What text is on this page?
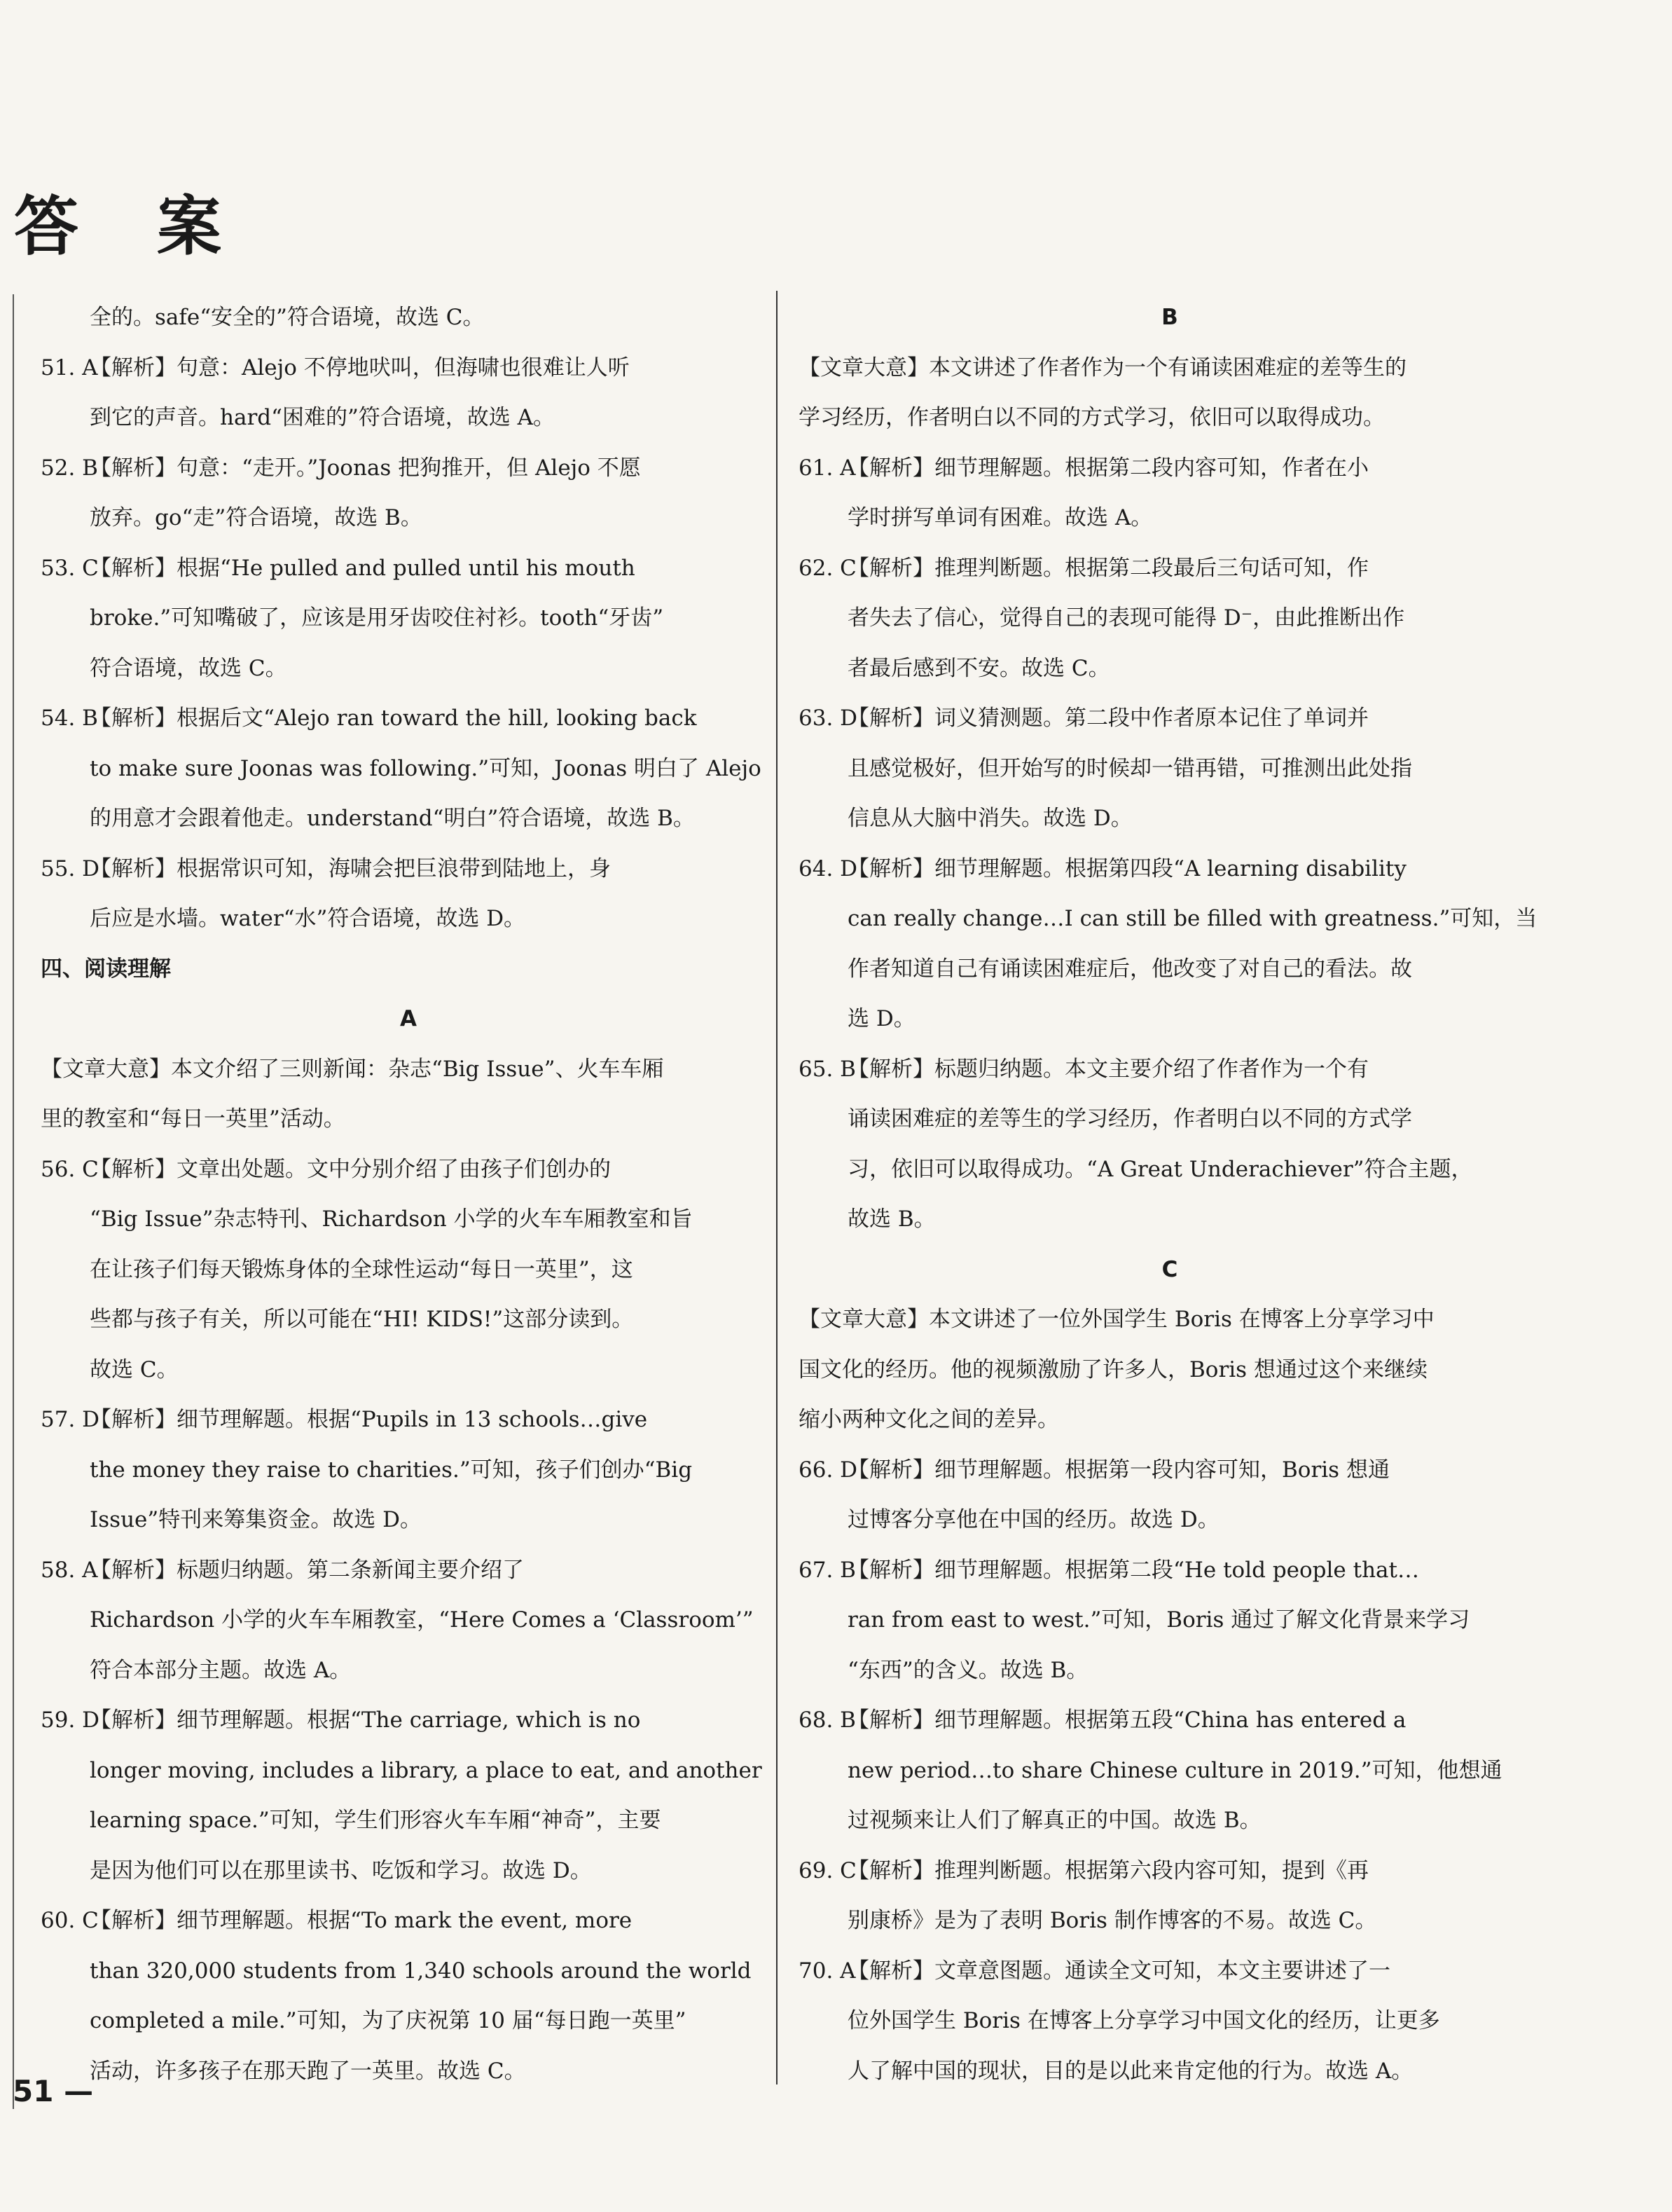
答 案
全的。safe“安全的”符合语境，故选 C。
51. A【解析】句意：Alejo 不停地吠叫，但海啸也很难让人听
到它的声音。hard“困难的”符合语境，故选 A。
52. B【解析】句意：“走开。”Joonas 把狗推开，但 Alejo 不愿
放弃。go“走”符合语境，故选 B。
53. C【解析】根据“He pulled and pulled until his mouth
broke.”可知嘴破了，应该是用牙齿咬住衬衫。tooth“牙齿”
符合语境，故选 C。
54. B【解析】根据后文“Alejo ran toward the hill, looking back
to make sure Joonas was following.”可知，Joonas 明白了 Alejo
的用意才会跟着他走。understand“明白”符合语境，故选 B。
55. D【解析】根据常识可知，海啸会把巨浪带到陆地上，身
后应是水墙。water“水”符合语境，故选 D。
四、阅读理解
A
【文章大意】本文介绍了三则新闻：杂志“Big Issue”、火车车厢
里的教室和“每日一英里”活动。
56. C【解析】文章出处题。文中分别介绍了由孩子们创办的
“Big Issue”杂志特刊、Richardson 小学的火车车厢教室和旨
在让孩子们每天锻炼身体的全球性运动“每日一英里”，这
些都与孩子有关，所以可能在“HI! KIDS!”这部分读到。
故选 C。
57. D【解析】细节理解题。根据“Pupils in 13 schools…give
the money they raise to charities.”可知，孩子们创办“Big
Issue”特刊来筹集资金。故选 D。
58. A【解析】标题归纳题。第二条新闻主要介绍了
Richardson 小学的火车车厢教室，“Here Comes a ‘Classroom’”
符合本部分主题。故选 A。
59. D【解析】细节理解题。根据“The carriage, which is no
longer moving, includes a library, a place to eat, and another
learning space.”可知，学生们形容火车车厢“神奇”，主要
是因为他们可以在那里读书、吃饭和学习。故选 D。
60. C【解析】细节理解题。根据“To mark the event, more
than 320,000 students from 1,340 schools around the world
completed a mile.”可知，为了庆祝第 10 届“每日跑一英里”
活动，许多孩子在那天跑了一英里。故选 C。
B
【文章大意】本文讲述了作者作为一个有诵读困难症的差等生的
学习经历，作者明白以不同的方式学习，依旧可以取得成功。
61. A【解析】细节理解题。根据第二段内容可知，作者在小
学时拼写单词有困难。故选 A。
62. C【解析】推理判断题。根据第二段最后三句话可知，作
者失去了信心，觉得自己的表现可能得 D⁻，由此推断出作
者最后感到不安。故选 C。
63. D【解析】词义猜测题。第二段中作者原本记住了单词并
且感觉极好，但开始写的时候却一错再错，可推测出此处指
信息从大脑中消失。故选 D。
64. D【解析】细节理解题。根据第四段“A learning disability
can really change…I can still be filled with greatness.”可知，当
作者知道自己有诵读困难症后，他改变了对自己的看法。故
选 D。
65. B【解析】标题归纳题。本文主要介绍了作者作为一个有
诵读困难症的差等生的学习经历，作者明白以不同的方式学
习，依旧可以取得成功。“A Great Underachiever”符合主题，
故选 B。
C
【文章大意】本文讲述了一位外国学生 Boris 在博客上分享学习中
国文化的经历。他的视频激励了许多人，Boris 想通过这个来继续
缩小两种文化之间的差异。
66. D【解析】细节理解题。根据第一段内容可知，Boris 想通
过博客分享他在中国的经历。故选 D。
67. B【解析】细节理解题。根据第二段“He told people that…
ran from east to west.”可知，Boris 通过了解文化背景来学习
“东西”的含义。故选 B。
68. B【解析】细节理解题。根据第五段“China has entered a
new period…to share Chinese culture in 2019.”可知，他想通
过视频来让人们了解真正的中国。故选 B。
69. C【解析】推理判断题。根据第六段内容可知，提到《再
别康桥》是为了表明 Boris 制作博客的不易。故选 C。
70. A【解析】文章意图题。通读全文可知，本文主要讲述了一
位外国学生 Boris 在博客上分享学习中国文化的经历，让更多
人了解中国的现状，目的是以此来肯定他的行为。故选 A。
51 —
